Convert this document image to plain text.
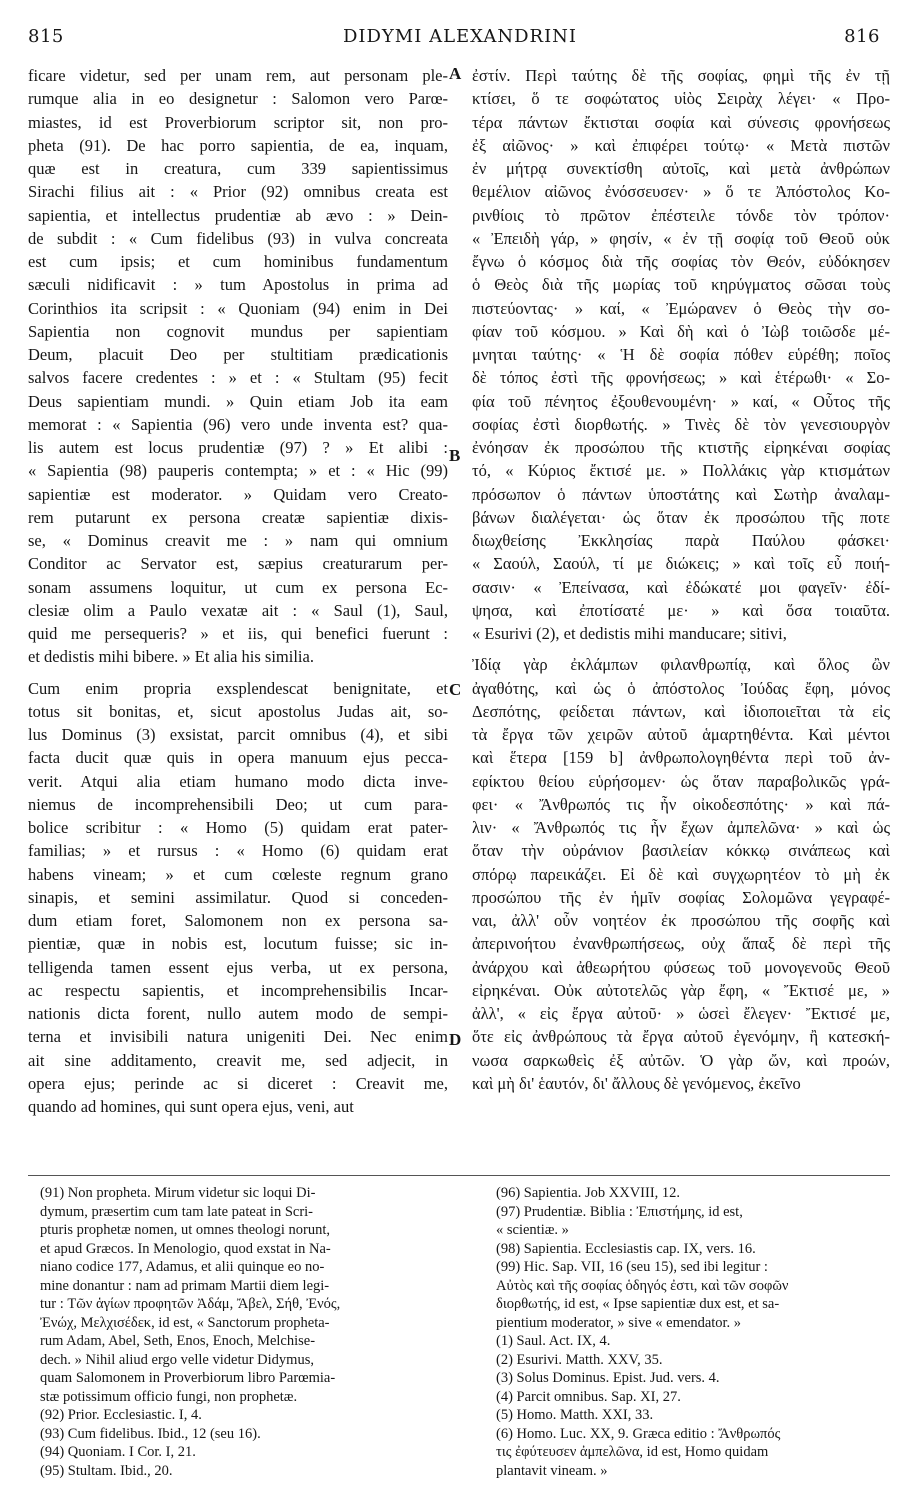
815	DIDYMI ALEXANDRINI	816
A
B
C
D
ficare videtur, sed per unam rem, aut personam ple-
rumque alia in eo designetur : Salomon vero Parœ-
miastes, id est Proverbiorum scriptor sit, non pro-
pheta (91). De hac porro sapientia, de ea, inquam,
quæ est in creatura, cum 339 sapientissimus
Sirachi filius ait : « Prior (92) omnibus creata est
sapientia, et intellectus prudentiæ ab ævo : » Dein-
de subdit : « Cum fidelibus (93) in vulva concreata
est cum ipsis; et cum hominibus fundamentum
sæculi nidificavit : » tum Apostolus in prima ad
Corinthios ita scripsit : « Quoniam (94) enim in Dei
Sapientia non cognovit mundus per sapientiam
Deum, placuit Deo per stultitiam prædicationis
salvos facere credentes : » et : « Stultam (95) fecit
Deus sapientiam mundi. » Quin etiam Job ita eam
memorat : « Sapientia (96) vero unde inventa est? qua-
lis autem est locus prudentiæ (97) ? » Et alibi :
« Sapientia (98) pauperis contempta; » et : « Hic (99)
sapientiæ est moderator. » Quidam vero Creato-
rem putarunt ex persona creatæ sapientiæ dixis-
se, « Dominus creavit me : » nam qui omnium
Conditor ac Servator est, sæpius creaturarum per-
sonam assumens loquitur, ut cum ex persona Ec-
clesiæ olim a Paulo vexatæ ait : « Saul (1), Saul,
quid me persequeris? » et iis, qui benefici fuerunt :
et dedistis mihi bibere. » Et alia his similia.
Cum enim propria exsplendescat benignitate, et
totus sit bonitas, et, sicut apostolus Judas ait, so-
lus Dominus (3) exsistat, parcit omnibus (4), et sibi
facta ducit quæ quis in opera manuum ejus pecca-
verit. Atqui alia etiam humano modo dicta inve-
niemus de incomprehensibili Deo; ut cum para-
bolice scribitur : « Homo (5) quidam erat pater-
familias; » et rursus : « Homo (6) quidam erat
habens vineam; » et cum cœleste regnum grano
sinapis, et semini assimilatur. Quod si conceden-
dum etiam foret, Salomonem non ex persona sa-
pientiæ, quæ in nobis est, locutum fuisse; sic in-
telligenda tamen essent ejus verba, ut ex persona,
ac respectu sapientis, et incomprehensibilis Incar-
nationis dicta forent, nullo autem modo de sempi-
terna et invisibili natura unigeniti Dei. Nec enim
ait sine additamento, creavit me, sed adjecit, in
opera ejus; perinde ac si diceret : Creavit me,
quando ad homines, qui sunt opera ejus, veni, aut
ἐστίν. Περὶ ταύτης δὲ τῆς σοφίας, φημὶ τῆς ἐν τῇ
κτίσει, ὅ τε σοφώτατος υἱὸς Σειρὰχ λέγει· « Προ-
τέρα πάντων ἔκτισται σοφία καὶ σύνεσις φρονήσεως
ἐξ αἰῶνος· » καὶ ἐπιφέρει τούτῳ· « Μετὰ πιστῶν
ἐν μήτρᾳ συνεκτίσθη αὐτοῖς, καὶ μετὰ ἀνθρώπων
θεμέλιον αἰῶνος ἐνόσσευσεν· » ὅ τε Ἀπόστολος Κο-
ρινθίοις τὸ πρῶτον ἐπέστειλε τόνδε τὸν τρόπον·
« Ἐπειδὴ γάρ, » φησίν, « ἐν τῇ σοφίᾳ τοῦ Θεοῦ οὐκ
ἔγνω ὁ κόσμος διὰ τῆς σοφίας τὸν Θεόν, εὐδόκησεν
ὁ Θεὸς διὰ τῆς μωρίας τοῦ κηρύγματος σῶσαι τοὺς
πιστεύοντας· » καί, « Ἐμώρανεν ὁ Θεὸς τὴν σο-
φίαν τοῦ κόσμου. » Καὶ δὴ καὶ ὁ Ἰὼβ τοιῶσδε μέ-
μνηται ταύτης· « Ἡ δὲ σοφία πόθεν εὑρέθη; ποῖος
δὲ τόπος ἐστὶ τῆς φρονήσεως; » καὶ ἑτέρωθι· « Σο-
φία τοῦ πένητος ἐξουθενουμένη· » καί, « Οὗτος τῆς
σοφίας ἐστὶ διορθωτής. » Τινὲς δὲ τὸν γενεσιουργὸν
ἐνόησαν ἐκ προσώπου τῆς κτιστῆς εἰρηκέναι σοφίας
τό, « Κύριος ἔκτισέ με. » Πολλάκις γὰρ κτισμάτων
πρόσωπον ὁ πάντων ὑποστάτης καὶ Σωτὴρ ἀναλαμ-
βάνων διαλέγεται· ὡς ὅταν ἐκ προσώπου τῆς ποτε
διωχθείσης Ἐκκλησίας παρὰ Παύλου φάσκει·
« Σαούλ, Σαούλ, τί με διώκεις; » καὶ τοῖς εὖ ποιή-
σασιν· « Ἐπείνασα, καὶ ἐδώκατέ μοι φαγεῖν· ἐδί-
ψησα, καὶ ἐποτίσατέ με· » καὶ ὅσα τοιαῦτα.
« Esurivi (2), et dedistis mihi manducare; sitivi,
Ἰδίᾳ γὰρ ἐκλάμπων φιλανθρωπίᾳ, καὶ ὅλος ὢν
ἀγαθότης, καὶ ὡς ὁ ἀπόστολος Ἰούδας ἔφη, μόνος
Δεσπότης, φείδεται πάντων, καὶ ἰδιοποιεῖται τὰ εἰς
τὰ ἔργα τῶν χειρῶν αὐτοῦ ἁμαρτηθέντα. Καὶ μέντοι
καὶ ἕτερα [159 b] ἀνθρωπολογηθέντα περὶ τοῦ ἀν-
εφίκτου θείου εὑρήσομεν· ὡς ὅταν παραβολικῶς γρά-
φει· « Ἄνθρωπός τις ἦν οἰκοδεσπότης· » καὶ πά-
λιν· « Ἄνθρωπός τις ἦν ἔχων ἀμπελῶνα· » καὶ ὡς
ὅταν τὴν οὐράνιον βασιλείαν κόκκῳ σινάπεως καὶ
σπόρῳ παρεικάζει. Εἰ δὲ καὶ συγχωρητέον τὸ μὴ ἐκ
προσώπου τῆς ἐν ἡμῖν σοφίας Σολομῶνα γεγραφέ-
ναι, ἀλλ' οὖν νοητέον ἐκ προσώπου τῆς σοφῆς καὶ
ἀπερινοήτου ἐνανθρωπήσεως, οὐχ ἅπαξ δὲ περὶ τῆς
ἀνάρχου καὶ ἀθεωρήτου φύσεως τοῦ μονογενοῦς Θεοῦ
εἰρηκέναι. Οὐκ αὐτοτελῶς γὰρ ἔφη, « Ἔκτισέ με, »
ἀλλ', « εἰς ἔργα αὐτοῦ· » ὡσεὶ ἔλεγεν· Ἔκτισέ με,
ὅτε εἰς ἀνθρώπους τὰ ἔργα αὐτοῦ ἐγενόμην, ἢ κατεσκή-
νωσα σαρκωθεὶς ἐξ αὐτῶν. Ὁ γὰρ ὤν, καὶ προών,
καὶ μὴ δι' ἑαυτόν, δι' ἄλλους δὲ γενόμενος, ἐκεῖνο
(91) Non propheta. Mirum videtur sic loqui Di-
dymum, præsertim cum tam late pateat in Scri-
pturis prophetæ nomen, ut omnes theologi norunt,
et apud Græcos. In Menologio, quod exstat in Na-
niano codice 177, Adamus, et alii quinque eo no-
mine donantur : nam ad primam Martii diem legi-
tur : Τῶν ἁγίων προφητῶν Ἀδάμ, Ἄβελ, Σήθ, Ἐνός,
Ἐνώχ, Μελχισέδεκ, id est, « Sanctorum propheta-
rum Adam, Abel, Seth, Enos, Enoch, Melchise-
dech. » Nihil aliud ergo velle videtur Didymus,
quam Salomonem in Proverbiorum libro Parœmia-
stæ potissimum officio fungi, non prophetæ.
(92) Prior. Ecclesiastic. I, 4.
(93) Cum fidelibus. Ibid., 12 (seu 16).
(94) Quoniam. I Cor. I, 21.
(95) Stultam. Ibid., 20.
(96) Sapientia. Job XXVIII, 12.
(97) Prudentiæ. Biblia : Ἐπιστήμης, id est,
« scientiæ. »
(98) Sapientia. Ecclesiastis cap. IX, vers. 16.
(99) Hic. Sap. VII, 16 (seu 15), sed ibi legitur :
Αὐτὸς καὶ τῆς σοφίας ὁδηγός ἐστι, καὶ τῶν σοφῶν
διορθωτής, id est, « Ipse sapientiæ dux est, et sa-
pientium moderator, » sive « emendator. »
(1) Saul. Act. IX, 4.
(2) Esurivi. Matth. XXV, 35.
(3) Solus Dominus. Epist. Jud. vers. 4.
(4) Parcit omnibus. Sap. XI, 27.
(5) Homo. Matth. XXI, 33.
(6) Homo. Luc. XX, 9. Græca editio : Ἄνθρωπός
τις ἐφύτευσεν ἀμπελῶνα, id est, Homo quidam
plantavit vineam. »
